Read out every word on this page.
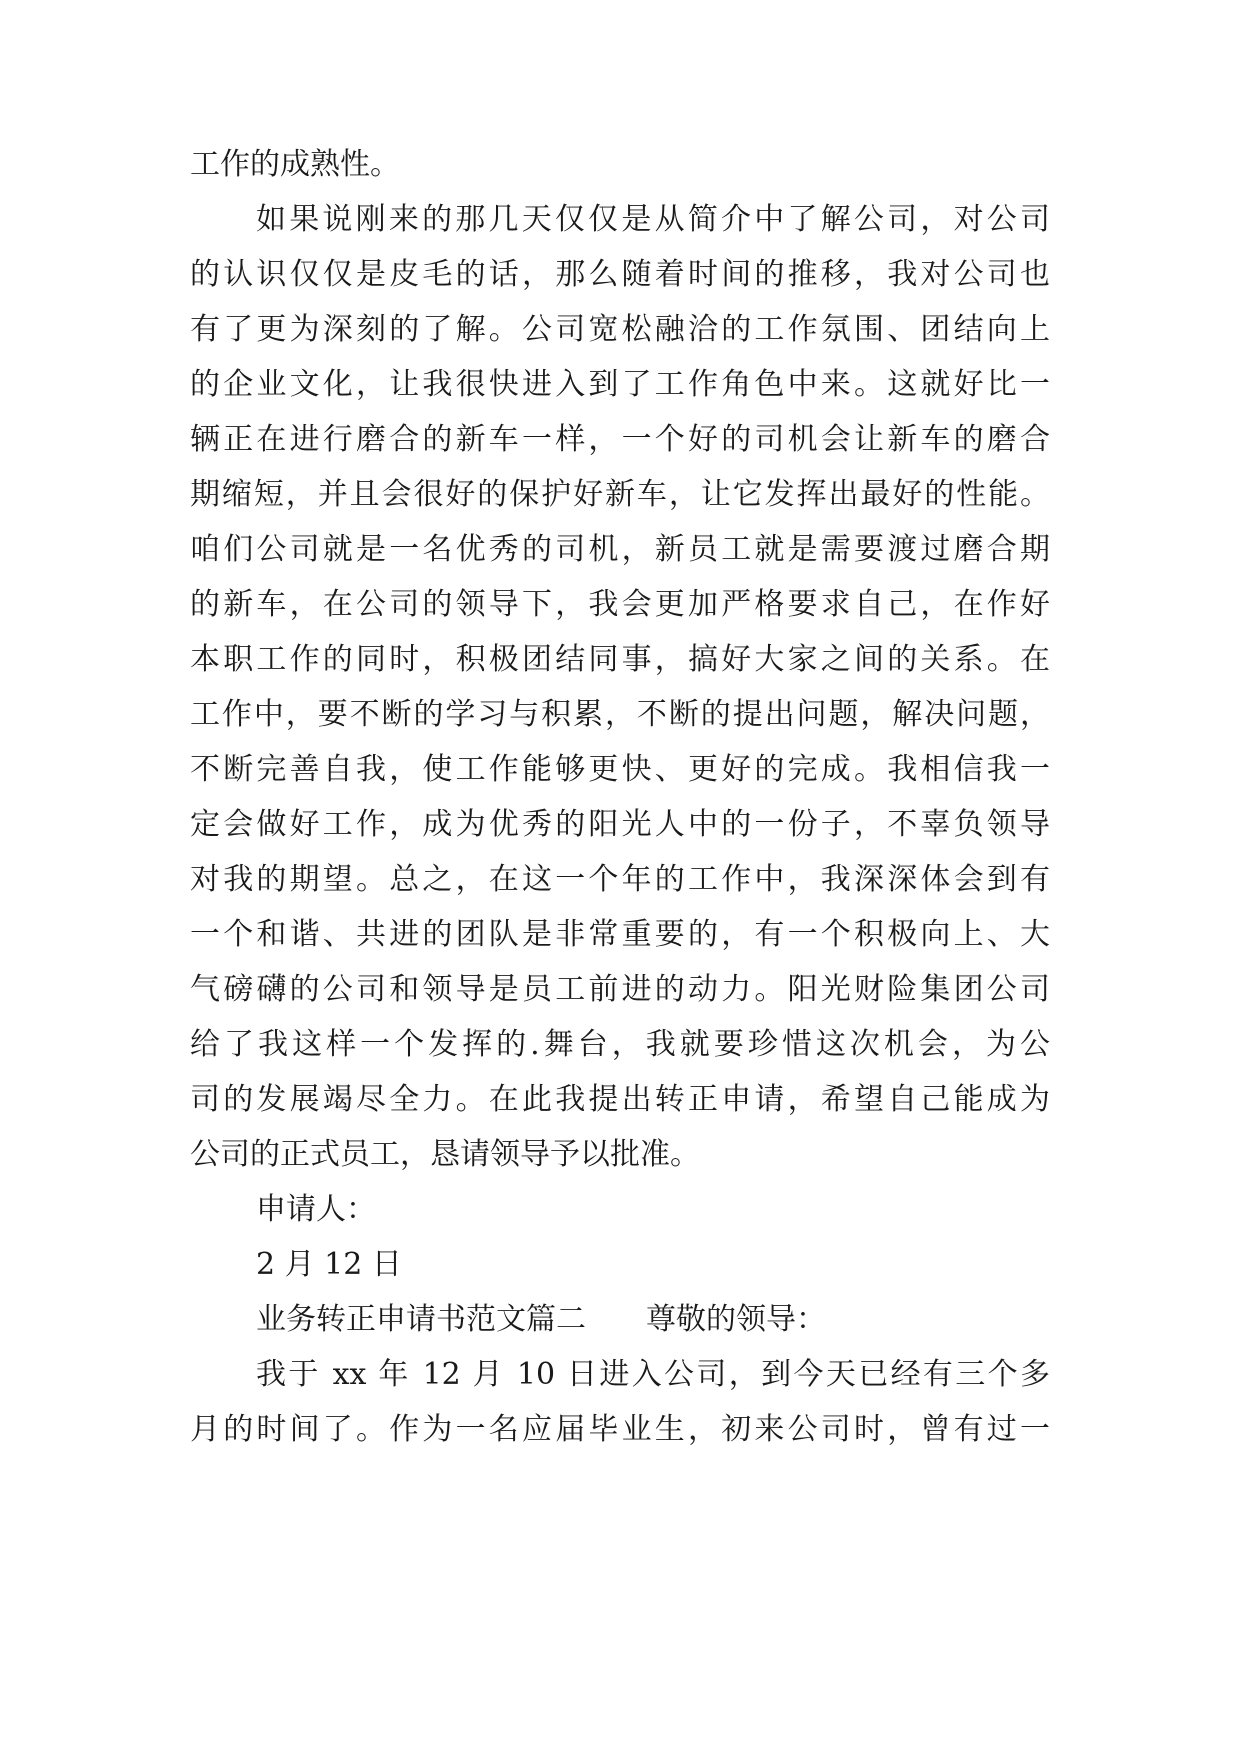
工作的成熟性。
如果说刚来的那几天仅仅是从简介中了解公司，对公司
的认识仅仅是皮毛的话，那么随着时间的推移，我对公司也
有了更为深刻的了解。公司宽松融洽的工作氛围、团结向上
的企业文化，让我很快进入到了工作角色中来。这就好比一
辆正在进行磨合的新车一样，一个好的司机会让新车的磨合
期缩短，并且会很好的保护好新车，让它发挥出最好的性能。
咱们公司就是一名优秀的司机，新员工就是需要渡过磨合期
的新车，在公司的领导下，我会更加严格要求自己，在作好
本职工作的同时，积极团结同事，搞好大家之间的关系。在
工作中，要不断的学习与积累，不断的提出问题，解决问题，
不断完善自我，使工作能够更快、更好的完成。我相信我一
定会做好工作，成为优秀的阳光人中的一份子，不辜负领导
对我的期望。总之，在这一个年的工作中，我深深体会到有
一个和谐、共进的团队是非常重要的，有一个积极向上、大
气磅礴的公司和领导是员工前进的动力。阳光财险集团公司
给了我这样一个发挥的.舞台，我就要珍惜这次机会，为公
司的发展竭尽全力。在此我提出转正申请，希望自己能成为
公司的正式员工，恳请领导予以批准。
申请人：
2 月 12 日
业务转正申请书范文篇二　　尊敬的领导：
我于 xx 年 12 月 10 日进入公司，到今天已经有三个多
月的时间了。作为一名应届毕业生，初来公司时，曾有过一
